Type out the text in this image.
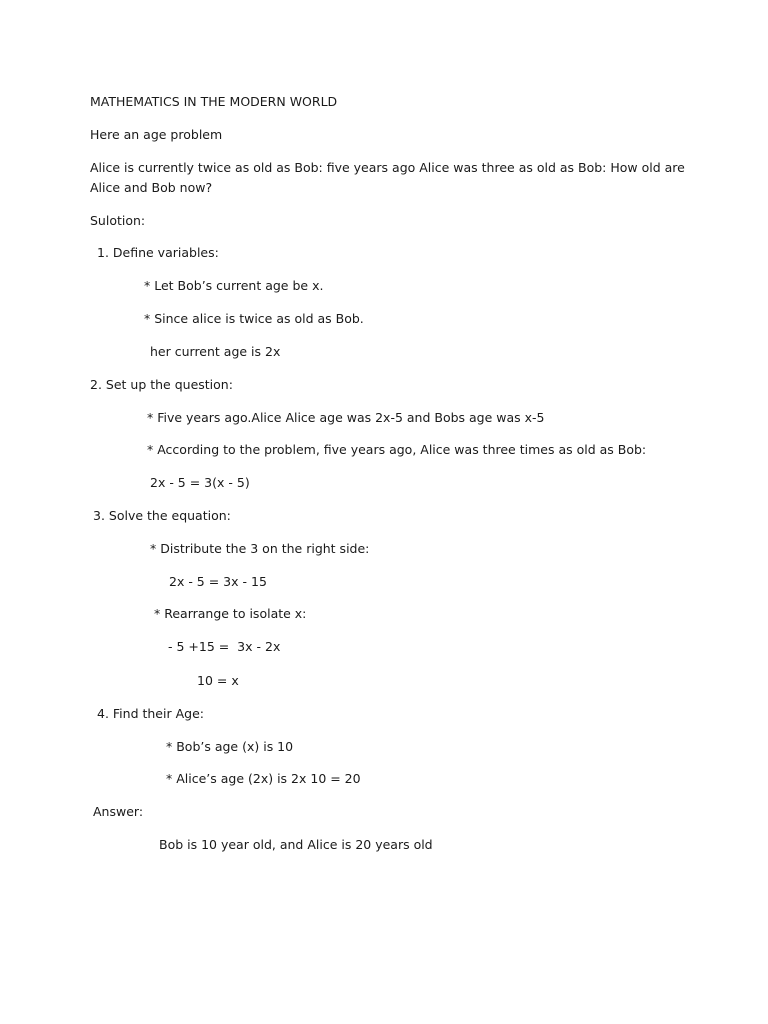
MATHEMATICS IN THE MODERN WORLD
Here an age problem
Alice is currently twice as old as Bob: five years ago Alice was three as old as Bob: How old are Alice and Bob now?
Sulotion:
1. Define variables:
* Let Bob’s current age be x.
* Since alice is twice as old as Bob.
her current age is 2x
2. Set up the question:
* Five years ago.Alice Alice age was 2x-5 and Bobs age was x-5
* According to the problem, five years ago, Alice was three times as old as Bob:
2x - 5 = 3(x - 5)
3. Solve the equation:
* Distribute the 3 on the right side:
2x - 5 = 3x - 15
* Rearrange to isolate x:
- 5 +15 =  3x - 2x
10 = x
4. Find their Age:
* Bob’s age (x) is 10
* Alice’s age (2x) is 2x 10 = 20
Answer:
Bob is 10 year old, and Alice is 20 years old
